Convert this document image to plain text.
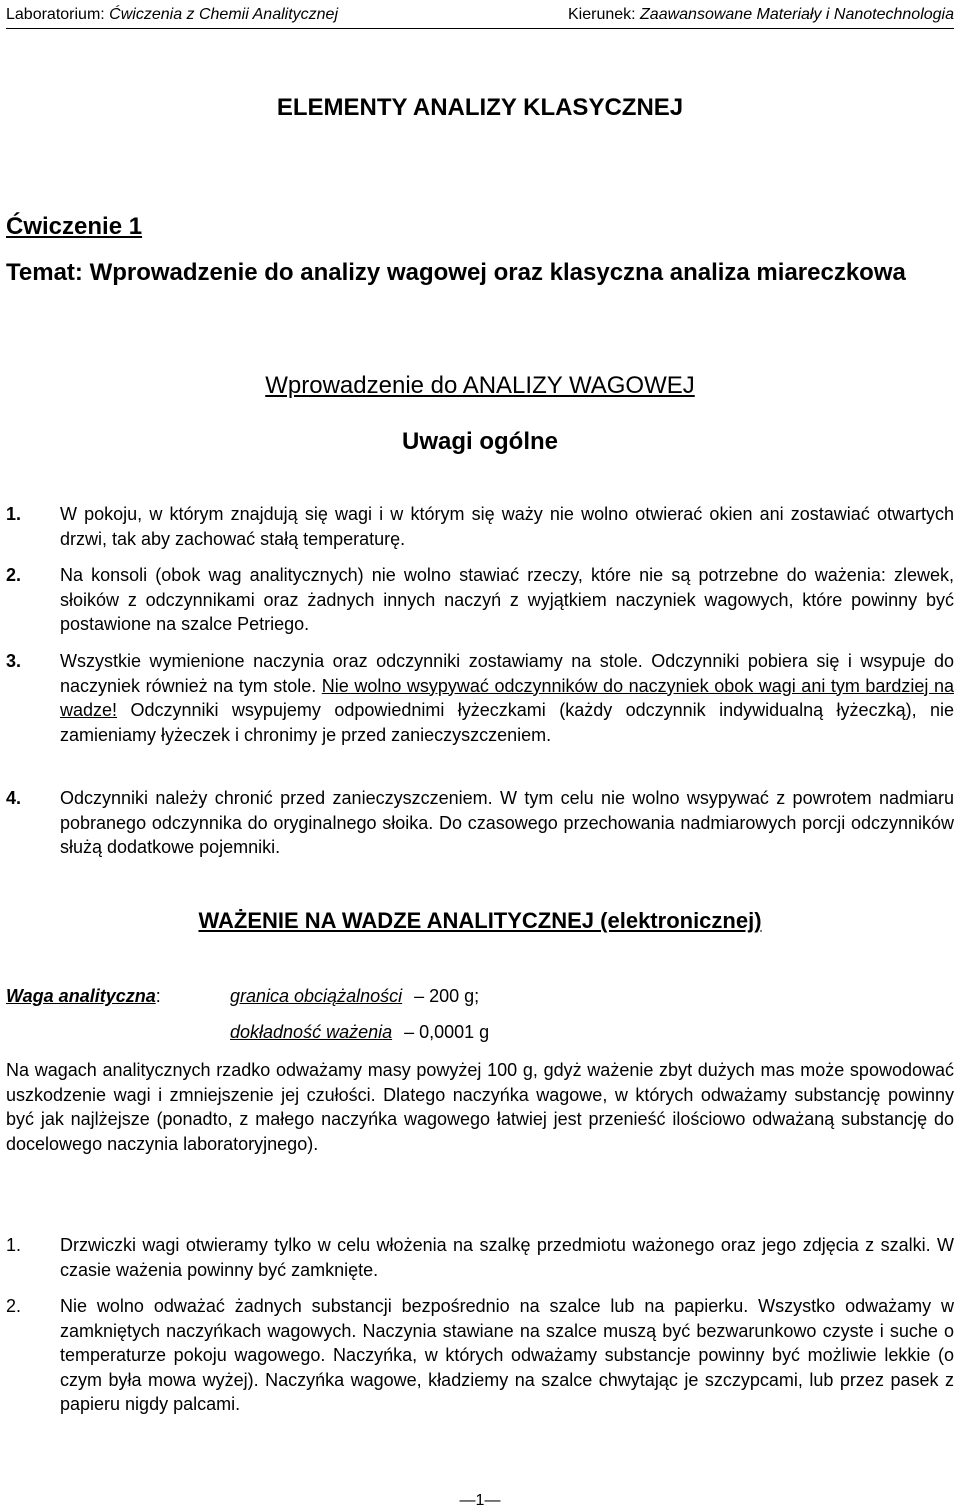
Laboratorium: Ćwiczenia z Chemii Analitycznej	Kierunek: Zaawansowane Materiały i Nanotechnologia
ELEMENTY ANALIZY KLASYCZNEJ
Ćwiczenie 1
Temat: Wprowadzenie do analizy wagowej oraz klasyczna analiza miareczkowa
Wprowadzenie do ANALIZY WAGOWEJ
Uwagi ogólne
1.	W pokoju, w którym znajdują się wagi i w którym się waży nie wolno otwierać okien ani zostawiać otwartych drzwi, tak aby zachować stałą temperaturę.
2.	Na konsoli (obok wag analitycznych) nie wolno stawiać rzeczy, które nie są potrzebne do ważenia: zlewek, słoików z odczynnikami oraz żadnych innych naczyń z wyjątkiem naczyniek wagowych, które powinny być postawione na szalce Petriego.
3.	Wszystkie wymienione naczynia oraz odczynniki zostawiamy na stole. Odczynniki pobiera się i wsypuje do naczyniek również na tym stole. Nie wolno wsypywać odczynników do naczyniek obok wagi ani tym bardziej na wadze! Odczynniki wsypujemy odpowiednimi łyżeczkami (każdy odczynnik indywidualną łyżeczką), nie zamieniamy łyżeczek i chronimy je przed zanieczyszczeniem.
4.	Odczynniki należy chronić przed zanieczyszczeniem. W tym celu nie wolno wsypywać z powrotem nadmiaru pobranego odczynnika do oryginalnego słoika. Do czasowego przechowania nadmiarowych porcji odczynników służą dodatkowe pojemniki.
WAŻENIE NA WADZE ANALITYCZNEJ (elektronicznej)
Waga analityczna:	granica obciążalności – 200 g;
dokładność ważenia – 0,0001 g
Na wagach analitycznych rzadko odważamy masy powyżej 100 g, gdyż ważenie zbyt dużych mas może spowodować uszkodzenie wagi i zmniejszenie jej czułości. Dlatego naczyńka wagowe, w których odważamy substancję powinny być jak najlżejsze (ponadto, z małego naczyńka wagowego łatwiej jest przenieść ilościowo odważaną substancję do docelowego naczynia laboratoryjnego).
1.	Drzwiczki wagi otwieramy tylko w celu włożenia na szalkę przedmiotu ważonego oraz jego zdjęcia z szalki. W czasie ważenia powinny być zamknięte.
2.	Nie wolno odważać żadnych substancji bezpośrednio na szalce lub na papierku. Wszystko odważamy w zamkniętych naczyńkach wagowych. Naczynia stawiane na szalce muszą być bezwarunkowo czyste i suche o temperaturze pokoju wagowego. Naczyńka, w których odważamy substancje powinny być możliwie lekkie (o czym była mowa wyżej). Naczyńka wagowe, kładziemy na szalce chwytając je szczypcami, lub przez pasek z papieru nigdy palcami.
—1—
